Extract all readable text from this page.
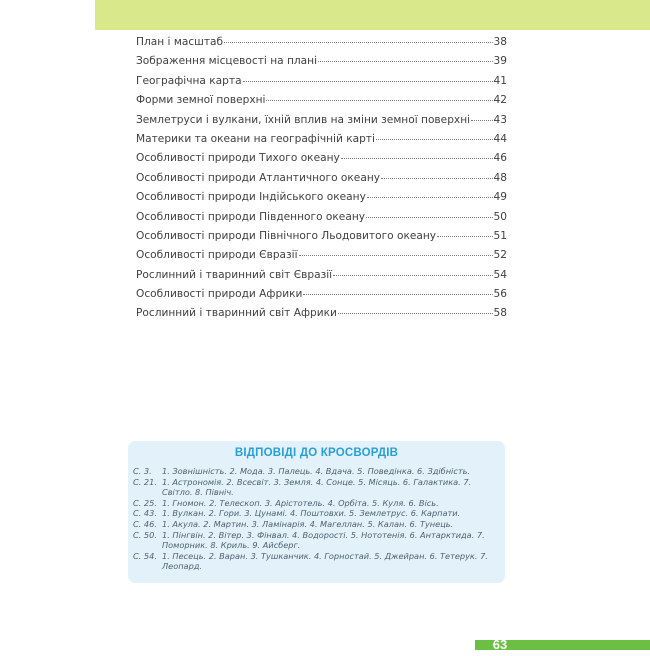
План і масштаб	38
Зображення місцевості на плані	39
Географічна карта	41
Форми земної поверхні	42
Землетруси і вулкани, їхній вплив на зміни земної поверхні 43
Материки та океани на географічній карті	44
Особливості природи Тихого океану	46
Особливості природи Атлантичного океану	48
Особливості природи Індійського океану	49
Особливості природи Південного океану	50
Особливості природи Північного Льодовитого океану	51
Особливості природи Євразії	52
Рослинний і тваринний світ Євразії	54
Особливості природи Африки	56
Рослинний і тваринний світ Африки	58
ВІДПОВІДІ ДО КРОСВОРДІВ
С. 3.	1. Зовнішність. 2. Мода. 3. Палець. 4. Вдача. 5. Поведінка. 6. Здібність.
С. 21. 1. Астрономія. 2. Всесвіт. 3. Земля. 4. Сонце. 5. Місяць. 6. Галактика. 7. Світло. 8. Північ.
С. 25. 1. Гномон. 2. Телескоп. 3. Арістотель. 4. Орбіта. 5. Куля. 6. Вісь.
С. 43. 1. Вулкан. 2. Гори. 3. Цунамі. 4. Поштовхи. 5. Землетрус. 6. Карпати.
С. 46. 1. Акула. 2. Мартин. 3. Ламінарія. 4. Магеллан. 5. Калан. 6. Тунець.
С. 50. 1. Пінгвін. 2. Вітер. 3. Фінвал. 4. Водорості. 5. Нототенія. 6. Антарктида. 7. Поморник. 8. Криль. 9. Айсберг.
С. 54. 1. Песець. 2. Варан. 3. Тушканчик. 4. Горностай. 5. Джейран. 6. Тетерук. 7. Леопард.
63
